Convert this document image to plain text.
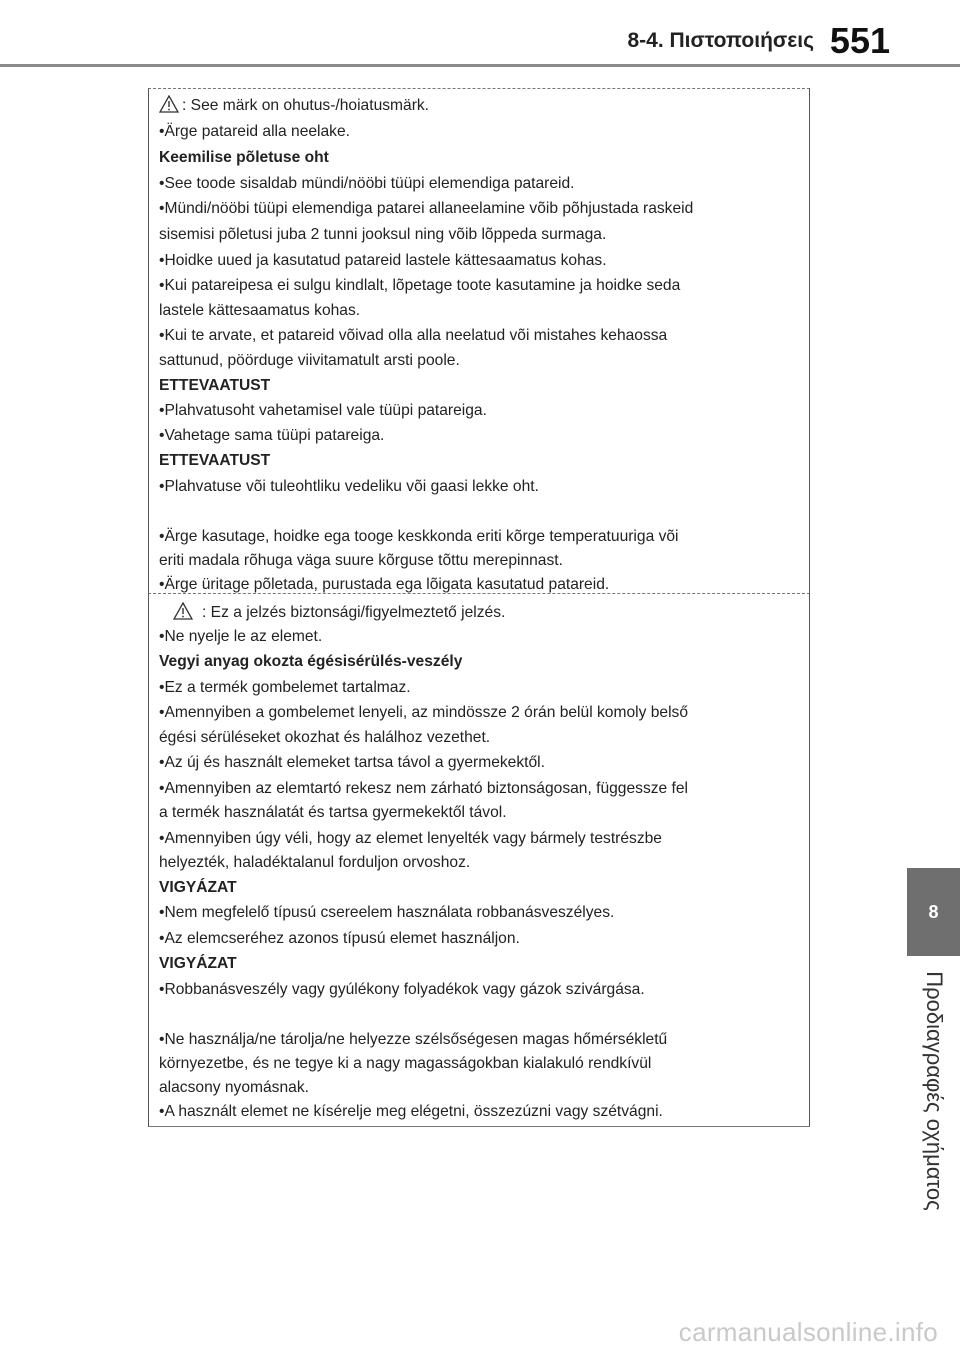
8-4. Πιστοποιήσεις 551
8
Προδιαγραφές οχήματος
: See märk on ohutus-/hoiatusmärk.
•Ärge patareid alla neelake.
Keemilise põletuse oht
•See toode sisaldab mündi/nööbi tüüpi elemendiga patareid.
•Mündi/nööbi tüüpi elemendiga patarei allaneelamine võib põhjustada raskeid
sisemisi põletusi juba 2 tunni jooksul ning võib lõppeda surmaga.
•Hoidke uued ja kasutatud patareid lastele kättesaamatus kohas.
•Kui patareipesa ei sulgu kindlalt, lõpetage toote kasutamine ja hoidke seda
lastele kättesaamatus kohas.
•Kui te arvate, et patareid võivad olla alla neelatud või mistahes kehaossa
sattunud, pöörduge viivitamatult arsti poole.
ETTEVAATUST
•Plahvatusoht vahetamisel vale tüüpi patareiga.
•Vahetage sama tüüpi patareiga.
ETTEVAATUST
•Plahvatuse või tuleohtliku vedeliku või gaasi lekke oht.
•Ärge kasutage, hoidke ega tooge keskkonda eriti kõrge temperatuuriga või
eriti madala rõhuga väga suure kõrguse tõttu merepinnast.
•Ärge üritage põletada, purustada ega lõigata kasutatud patareid.
: Ez a jelzés biztonsági/figyelmeztető jelzés.
•Ne nyelje le az elemet.
Vegyi anyag okozta égésisérülés-veszély
•Ez a termék gombelemet tartalmaz.
•Amennyiben a gombelemet lenyeli, az mindössze 2 órán belül komoly belső
égési sérüléseket okozhat és halálhoz vezethet.
•Az új és használt elemeket tartsa távol a gyermekektől.
•Amennyiben az elemtartó rekesz nem zárható biztonságosan, függessze fel
a termék használatát és tartsa gyermekektől távol.
•Amennyiben úgy véli, hogy az elemet lenyelték vagy bármely testrészbe
helyezték, haladéktalanul forduljon orvoshoz.
VIGYÁZAT
•Nem megfelelő típusú csereelem használata robbanásveszélyes.
•Az elemcseréhez azonos típusú elemet használjon.
VIGYÁZAT
•Robbanásveszély vagy gyúlékony folyadékok vagy gázok szivárgása.
•Ne használja/ne tárolja/ne helyezze szélsőségesen magas hőmérsékletű
környezetbe, és ne tegye ki a nagy magasságokban kialakuló rendkívül
alacsony nyomásnak.
•A használt elemet ne kísérelje meg elégetni, összezúzni vagy szétvágni.
carmanualsonline.info
